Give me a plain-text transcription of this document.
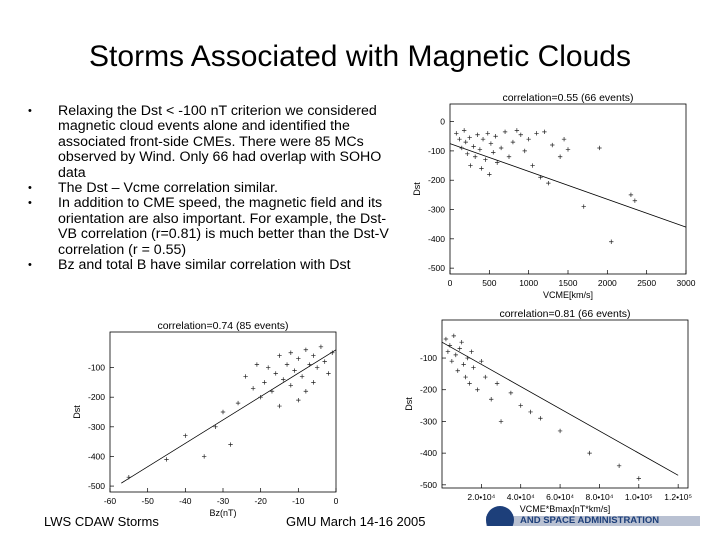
Storms Associated with Magnetic Clouds
• Relaxing the Dst < -100 nT criterion we considered magnetic cloud events alone and identified the associated front-side CMEs. There were 85 MCs observed by Wind. Only 66 had overlap with SOHO data
• The Dst – Vcme correlation similar.
• In addition to CME speed, the magnetic field and its orientation are also important. For example, the Dst-VB correlation (r=0.81) is much better than the Dst-V correlation (r = 0.55)
• Bz and total B have similar correlation with Dst
correlation=0.55 (66 events)
0	500	1000 1500 2000 2500 3000
0
-100
-200
-300
-400
-500
VCME[km/s]
Dst
correlation=0.74 (85 events)
-60	-50	-40	-30	-20	-10	0
-100
-200
-300
-400
-500
Bz(nT)
Dst
correlation=0.81 (66 events)
2.0•10⁴ 4.0•10⁴ 6.0•10⁴ 8.0•10⁴ 1.0•10⁵ 1.2•10⁵
-100
-200
-300
-400
-500
VCME*Bmax[nT*km/s]
Dst
AND SPACE ADMINISTRATION
LWS CDAW Storms	GMU March 14-16 2005
